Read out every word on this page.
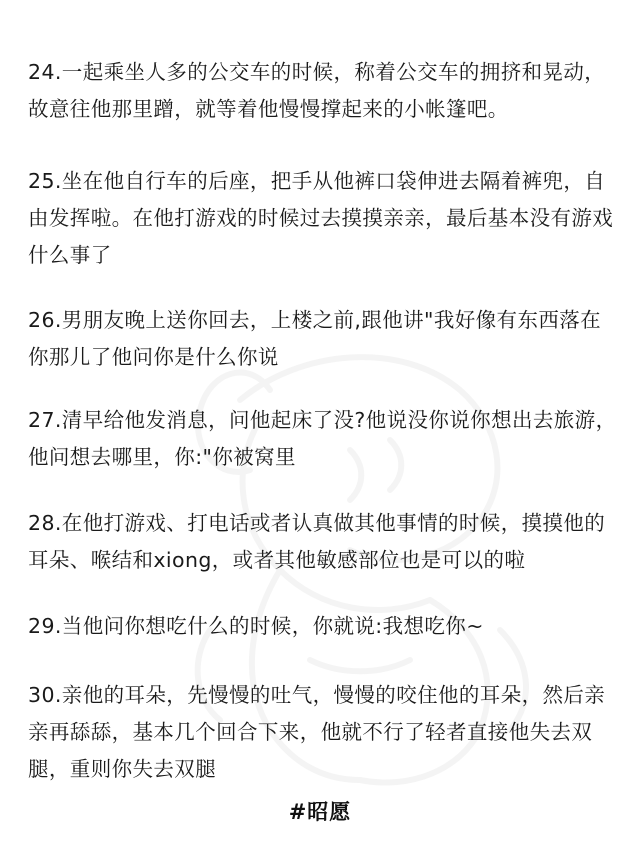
24.一起乘坐人多的公交车的时候，称着公交车的拥挤和晃动，故意往他那里蹭，就等着他慢慢撑起来的小帐篷吧。

25.坐在他自行车的后座，把手从他裤口袋伸进去隔着裤兜，自由发挥啦。在他打游戏的时候过去摸摸亲亲，最后基本没有游戏什么事了

26.男朋友晚上送你回去，上楼之前,跟他讲"我好像有东西落在你那儿了他问你是什么你说

27.清早给他发消息，问他起床了没?他说没你说你想出去旅游，他问想去哪里，你:"你被窝里

28.在他打游戏、打电话或者认真做其他事情的时候，摸摸他的耳朵、喉结和xiong，或者其他敏感部位也是可以的啦

29.当他问你想吃什么的时候，你就说:我想吃你~

30.亲他的耳朵，先慢慢的吐气，慢慢的咬住他的耳朵，然后亲亲再舔舔，基本几个回合下来，他就不行了轻者直接他失去双腿，重则你失去双腿

#昭愿
